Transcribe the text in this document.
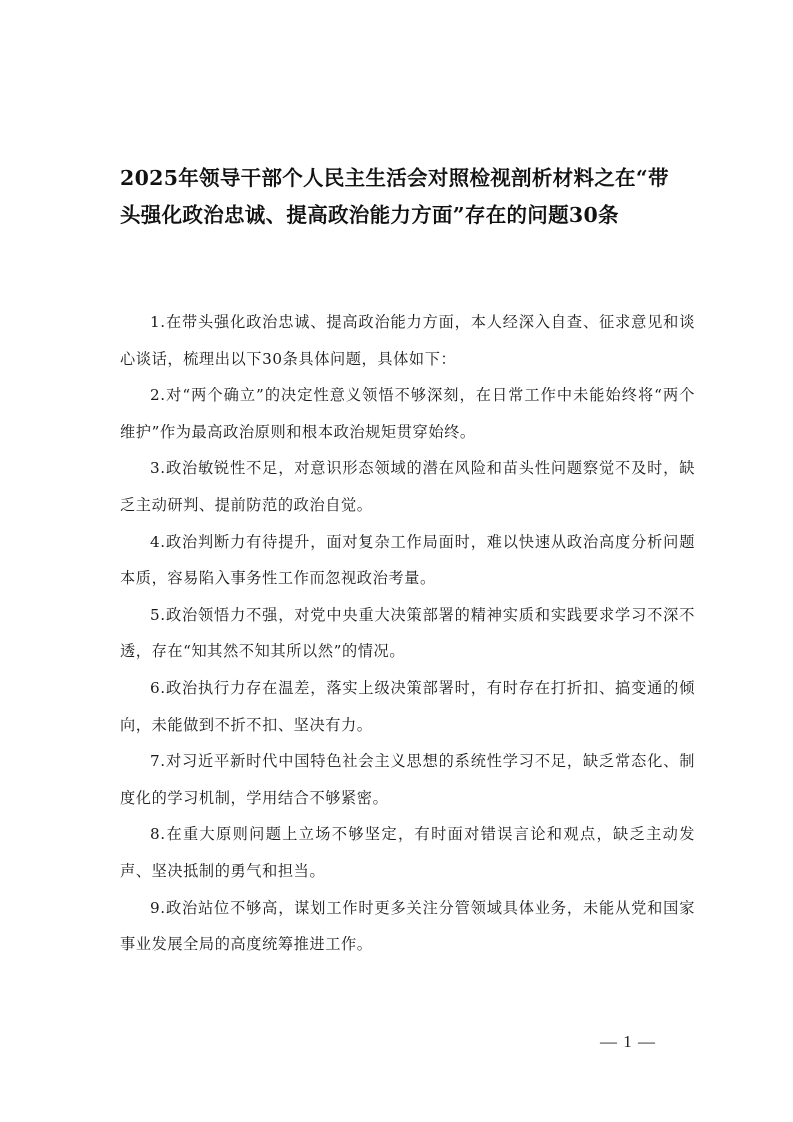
2025年领导干部个人民主生活会对照检视剖析材料之在“带头强化政治忠诚、提高政治能力方面”存在的问题30条

1.在带头强化政治忠诚、提高政治能力方面，本人经深入自查、征求意见和谈心谈话，梳理出以下30条具体问题，具体如下：

2.对“两个确立”的决定性意义领悟不够深刻，在日常工作中未能始终将“两个维护”作为最高政治原则和根本政治规矩贯穿始终。

3.政治敏锐性不足，对意识形态领域的潜在风险和苗头性问题察觉不及时，缺乏主动研判、提前防范的政治自觉。

4.政治判断力有待提升，面对复杂工作局面时，难以快速从政治高度分析问题本质，容易陷入事务性工作而忽视政治考量。

5.政治领悟力不强，对党中央重大决策部署的精神实质和实践要求学习不深不透，存在“知其然不知其所以然”的情况。

6.政治执行力存在温差，落实上级决策部署时，有时存在打折扣、搞变通的倾向，未能做到不折不扣、坚决有力。

7.对习近平新时代中国特色社会主义思想的系统性学习不足，缺乏常态化、制度化的学习机制，学用结合不够紧密。

8.在重大原则问题上立场不够坚定，有时面对错误言论和观点，缺乏主动发声、坚决抵制的勇气和担当。

9.政治站位不够高，谋划工作时更多关注分管领域具体业务，未能从党和国家事业发展全局的高度统筹推进工作。

— 1 —
